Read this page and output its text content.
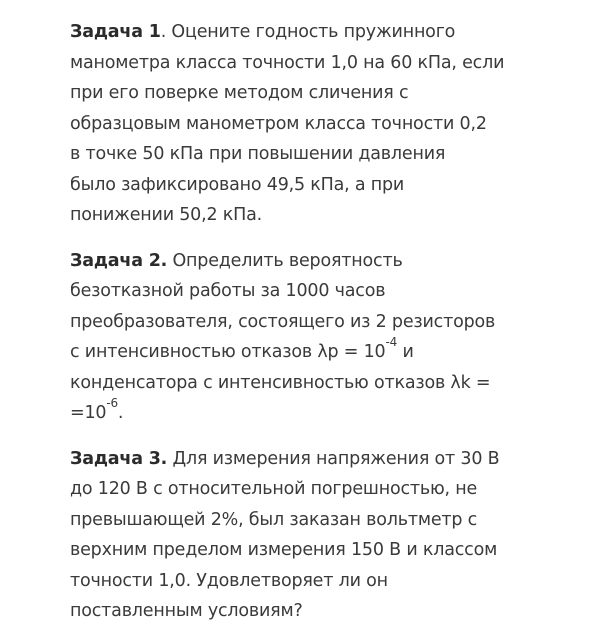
Задача 1. Оцените годность пружинного
манометра класса точности 1,0 на 60 кПа, если
при его поверке методом сличения с
образцовым манометром класса точности 0,2
в точке 50 кПа при повышении давления
было зафиксировано 49,5 кПа, а при
понижении 50,2 кПа.
Задача 2. Определить вероятность
безотказной работы за 1000 часов
преобразователя, состоящего из 2 резисторов
с интенсивностью отказов $\lambda р = 10^{-4}$ и
конденсатора с интенсивностью отказов λk =
$=10^{-6}$.
Задача 3. Для измерения напряжения от 30 В
до 120 В с относительной погрешностью, не
превышающей 2%, был заказан вольтметр с
верхним пределом измерения 150 В и классом
точности 1,0. Удовлетворяет ли он
поставленным условиям?
